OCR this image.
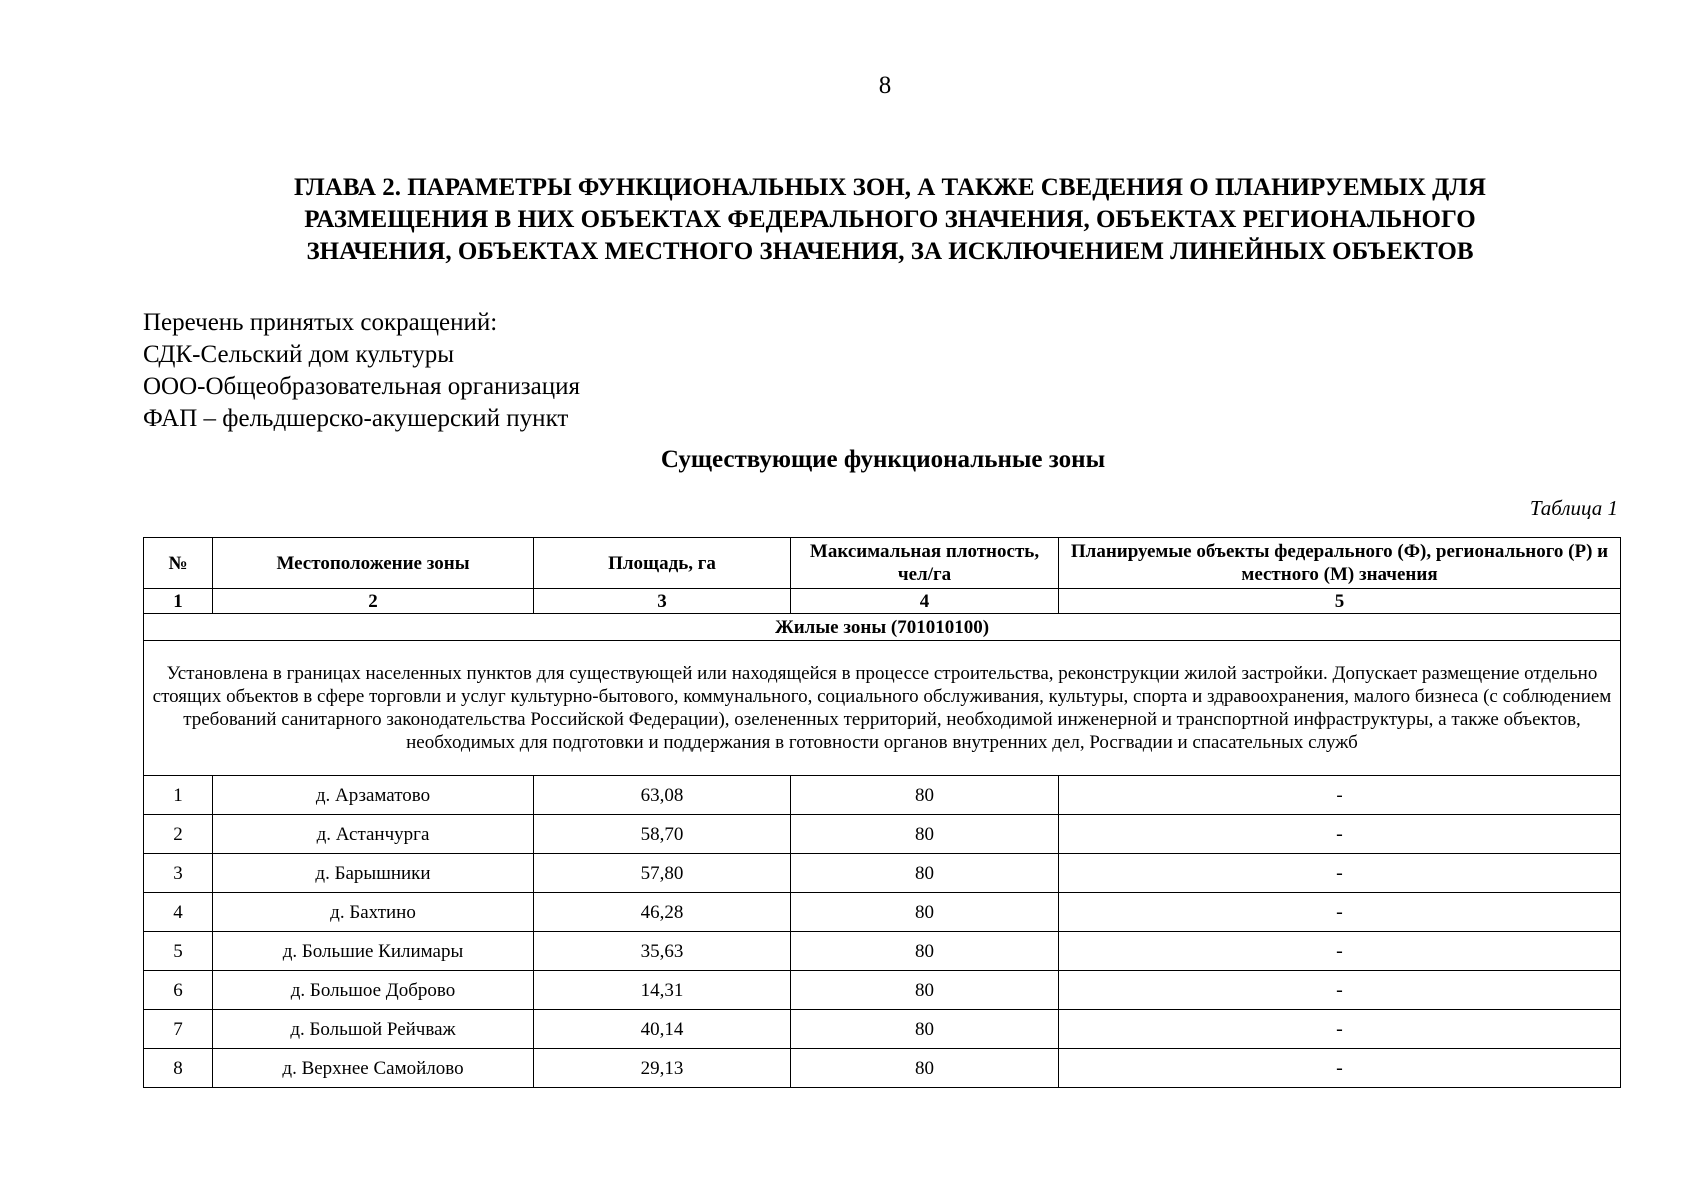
8
ГЛАВА 2. ПАРАМЕТРЫ ФУНКЦИОНАЛЬНЫХ ЗОН, А ТАКЖЕ СВЕДЕНИЯ О ПЛАНИРУЕМЫХ ДЛЯ
РАЗМЕЩЕНИЯ В НИХ ОБЪЕКТАХ ФЕДЕРАЛЬНОГО ЗНАЧЕНИЯ, ОБЪЕКТАХ РЕГИОНАЛЬНОГО
ЗНАЧЕНИЯ, ОБЪЕКТАХ МЕСТНОГО ЗНАЧЕНИЯ, ЗА ИСКЛЮЧЕНИЕМ ЛИНЕЙНЫХ ОБЪЕКТОВ
Перечень принятых сокращений:
СДК-Сельский дом культуры
ООО-Общеобразовательная организация
ФАП – фельдшерско-акушерский пункт
Существующие функциональные зоны
Таблица 1
№	Местоположение зоны	Площадь, га	Максимальная плотность, чел/га	Планируемые объекты федерального (Ф), регионального (Р) и местного (М) значения
1	2	3	4	5
Жилые зоны (701010100)				
Установлена в границах населенных пунктов для существующей или находящейся в процессе строительства, реконструкции жилой застройки. Допускает размещение отдельно стоящих объектов в сфере торговли и услуг культурно-бытового, коммунального, социального обслуживания, культуры, спорта и здравоохранения, малого бизнеса (с соблюдением требований санитарного законодательства Российской Федерации), озелененных территорий, необходимой инженерной и транспортной инфраструктуры, а также объектов, необходимых для подготовки и поддержания в готовности органов внутренних дел, Росгвадии и спасательных служб				
1	д. Арзаматово	63,08	80	-
2	д. Астанчурга	58,70	80	-
3	д. Барышники	57,80	80	-
4	д. Бахтино	46,28	80	-
5	д. Большие Килимары	35,63	80	-
6	д. Большое Доброво	14,31	80	-
7	д. Большой Рейчваж	40,14	80	-
8	д. Верхнее Самойлово	29,13	80	-
